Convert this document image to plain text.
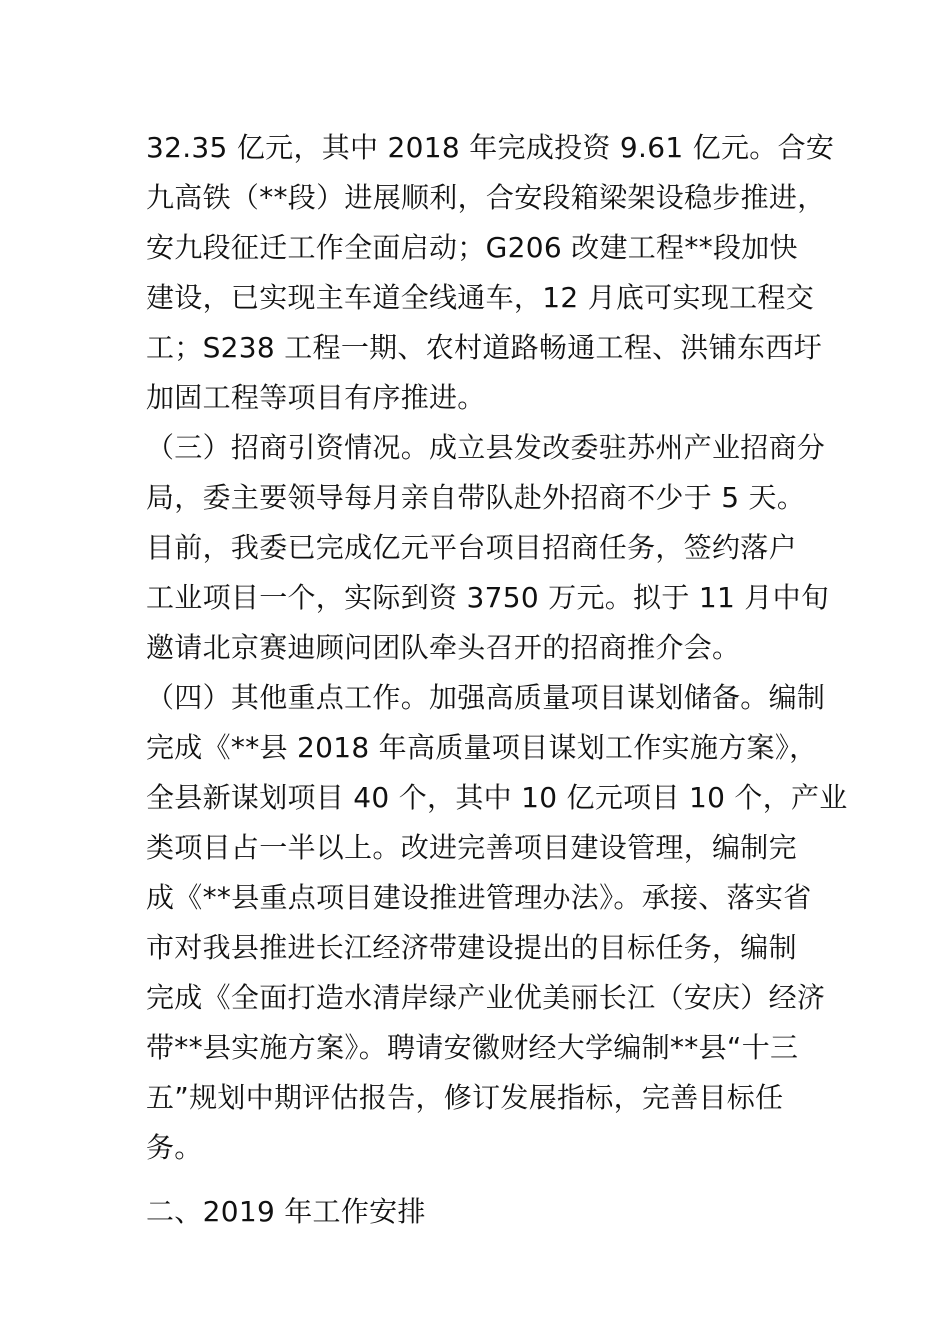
32.35 亿元，其中 2018 年完成投资 9.61 亿元。合安
九高铁（**段）进展顺利，合安段箱梁架设稳步推进，
安九段征迁工作全面启动；G206 改建工程**段加快
建设，已实现主车道全线通车，12 月底可实现工程交
工；S238 工程一期、农村道路畅通工程、洪铺东西圩
加固工程等项目有序推进。
（三）招商引资情况。成立县发改委驻苏州产业招商分
局，委主要领导每月亲自带队赴外招商不少于 5 天。
目前，我委已完成亿元平台项目招商任务，签约落户
工业项目一个，实际到资 3750 万元。拟于 11 月中旬
邀请北京赛迪顾问团队牵头召开的招商推介会。
（四）其他重点工作。加强高质量项目谋划储备。编制
完成《**县 2018 年高质量项目谋划工作实施方案》，
全县新谋划项目 40 个，其中 10 亿元项目 10 个，产业
类项目占一半以上。改进完善项目建设管理，编制完
成《**县重点项目建设推进管理办法》。承接、落实省
市对我县推进长江经济带建设提出的目标任务，编制
完成《全面打造水清岸绿产业优美丽长江（安庆）经济
带**县实施方案》。聘请安徽财经大学编制**县“十三
五”规划中期评估报告，修订发展指标，完善目标任
务。
二、2019 年工作安排
